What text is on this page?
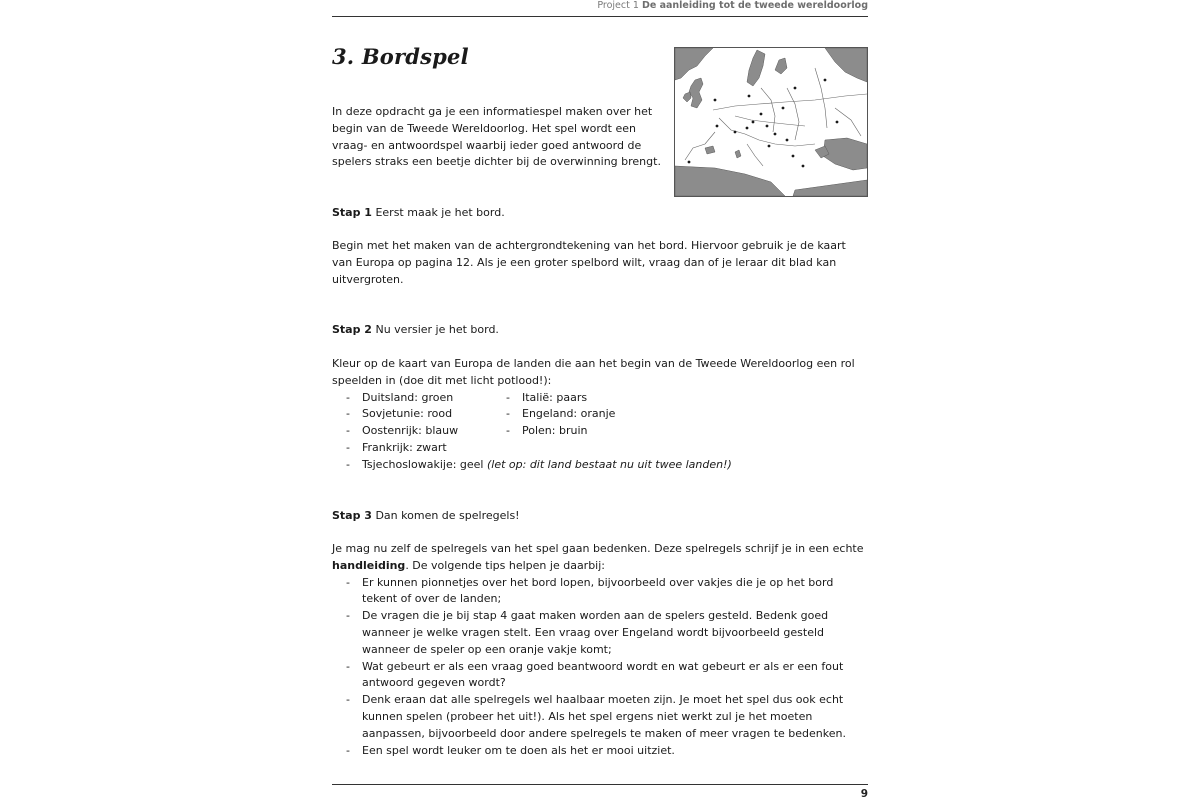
Project 1 De aanleiding tot de tweede wereldoorlog
3. Bordspel
In deze opdracht ga je een informatiespel maken over het begin van de Tweede Wereldoorlog. Het spel wordt een vraag- en antwoordspel waarbij ieder goed antwoord de spelers straks een beetje dichter bij de overwinning brengt.
Stap 1 Eerst maak je het bord.
Begin met het maken van de achtergrondtekening van het bord. Hiervoor gebruik je de kaart van Europa op pagina 12. Als je een groter spelbord wilt, vraag dan of je leraar dit blad kan uitvergroten.
Stap 2 Nu versier je het bord.

Kleur op de kaart van Europa de landen die aan het begin van de Tweede Wereldoorlog een rol speelden in (doe dit met licht potlood!):

- Duitsland: groen
- Sovjetunie: rood
- Oostenrijk: blauw
- Italië: paars
- Engeland: oranje
- Polen: bruin
- Frankrijk: zwart
- Tsjechoslowakije: geel (let op: dit land bestaat nu uit twee landen!)
Stap 3 Dan komen de spelregels!

Je mag nu zelf de spelregels van het spel gaan bedenken. Deze spelregels schrijf je in een echte handleiding. De volgende tips helpen je daarbij:

- Er kunnen pionnetjes over het bord lopen, bijvoorbeeld over vakjes die je op het bord tekent of over de landen;
- De vragen die je bij stap 4 gaat maken worden aan de spelers gesteld. Bedenk goed wanneer je welke vragen stelt. Een vraag over Engeland wordt bijvoorbeeld gesteld wanneer de speler op een oranje vakje komt;
- Wat gebeurt er als een vraag goed beantwoord wordt en wat gebeurt er als er een fout antwoord gegeven wordt?
- Denk eraan dat alle spelregels wel haalbaar moeten zijn. Je moet het spel dus ook echt kunnen spelen (probeer het uit!). Als het spel ergens niet werkt zul je het moeten aanpassen, bijvoorbeeld door andere spelregels te maken of meer vragen te bedenken.
- Een spel wordt leuker om te doen als het er mooi uitziet.
9
